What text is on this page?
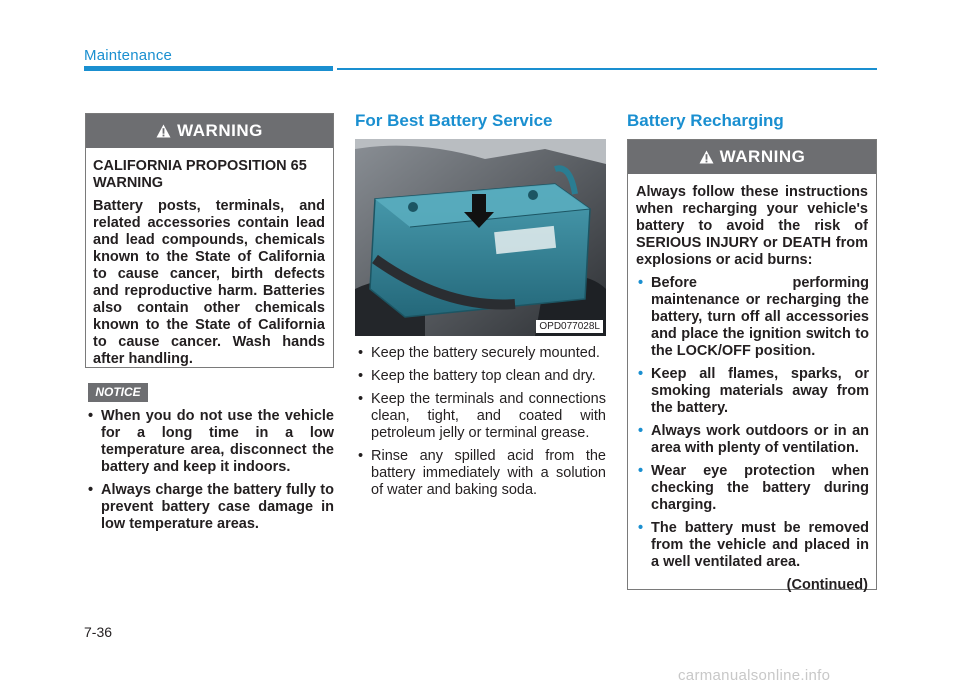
Maintenance
WARNING

CALIFORNIA PROPOSITION 65 WARNING

Battery posts, terminals, and related accessories contain lead and lead compounds, chemicals known to the State of California to cause cancer, birth defects and reproductive harm. Batteries also contain other chemicals known to the State of California to cause cancer. Wash hands after handling.

NOTICE
• When you do not use the vehicle for a long time in a low temperature area, disconnect the battery and keep it indoors.
• Always charge the battery fully to prevent battery case damage in low temperature areas.
For Best Battery Service
OPD077028L
• Keep the battery securely mounted.
• Keep the battery top clean and dry.
• Keep the terminals and connections clean, tight, and coated with petroleum jelly or terminal grease.
• Rinse any spilled acid from the battery immediately with a solution of water and baking soda.
Battery Recharging
WARNING

Always follow these instructions when recharging your vehicle's battery to avoid the risk of SERIOUS INJURY or DEATH from explosions or acid burns:

• Before performing maintenance or recharging the battery, turn off all accessories and place the ignition switch to the LOCK/OFF position.
• Keep all flames, sparks, or smoking materials away from the battery.
• Always work outdoors or in an area with plenty of ventilation.
• Wear eye protection when checking the battery during charging.
• The battery must be removed from the vehicle and placed in a well ventilated area.
(Continued)
7-36
carmanualsonline.info
